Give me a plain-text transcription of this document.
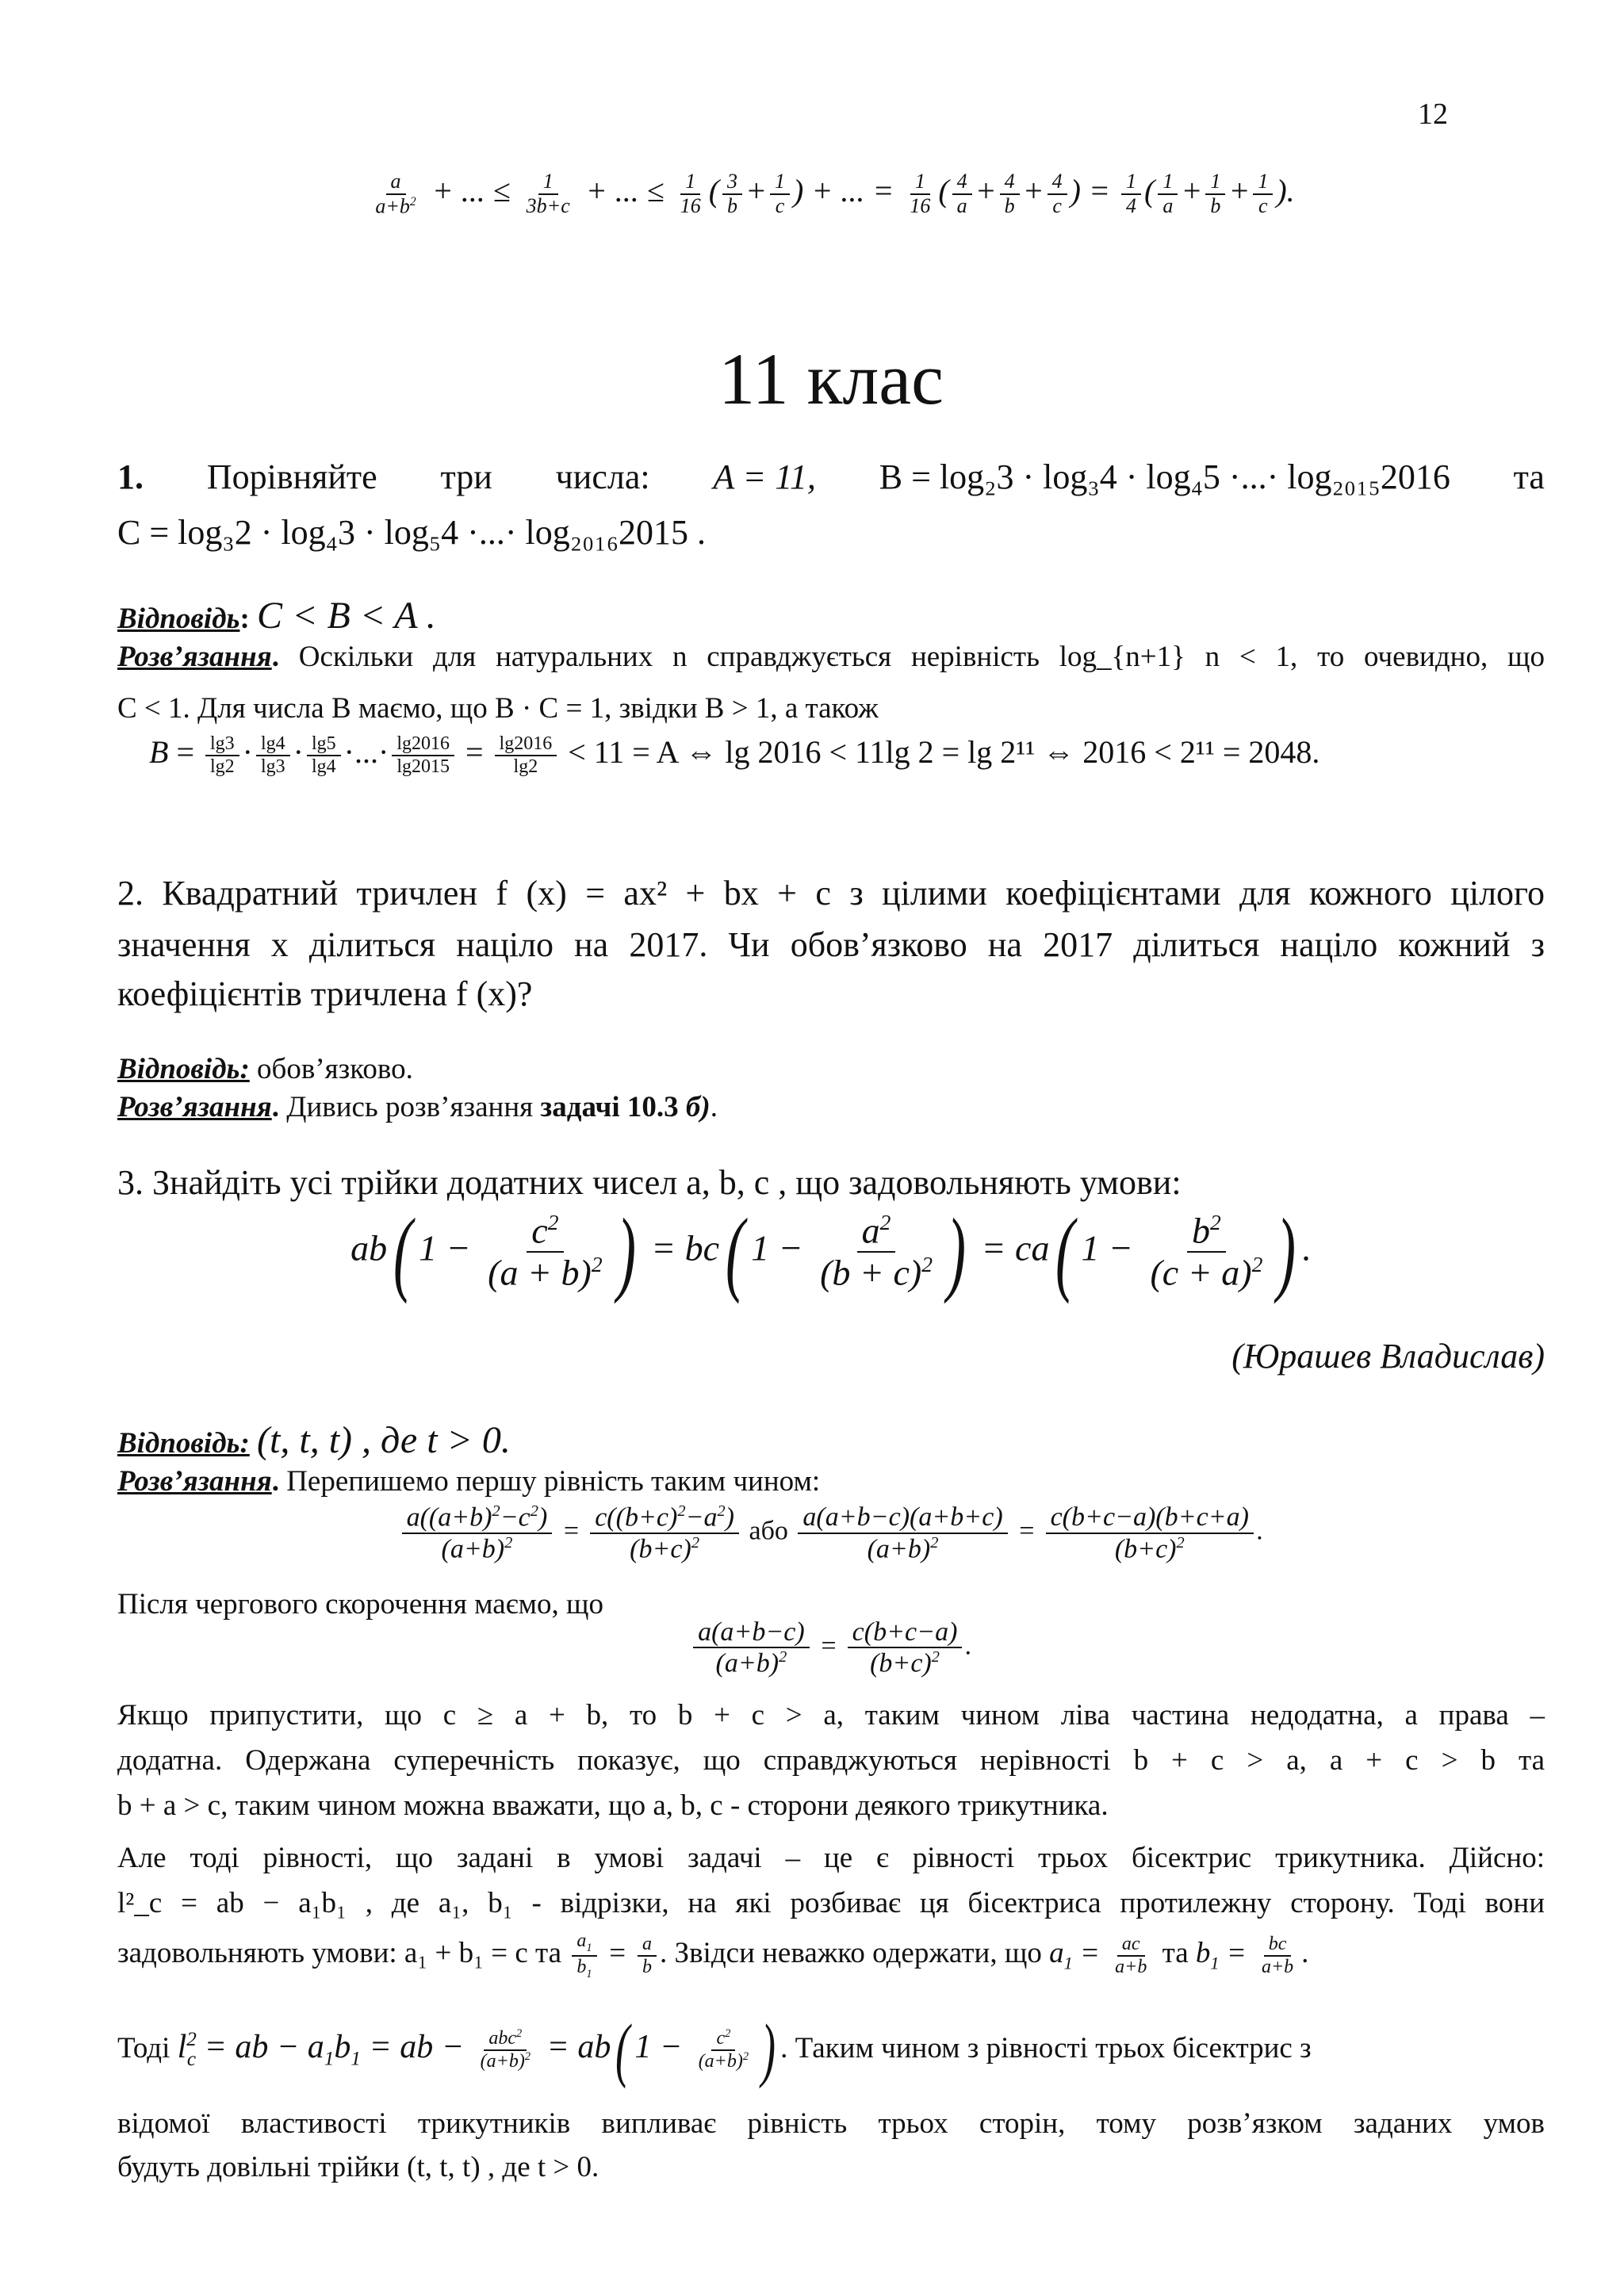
12
$\frac{a}{a+b^2}$ + ... ≤ $\frac{1}{3b+c}$ + ... ≤ $\frac{1}{16}$ ( $\frac{3}{b} + \frac{1}{c}$ ) + ... = $\frac{1}{16}$ ( $\frac{4}{a} + \frac{4}{b} + \frac{4}{c}$ ) = $\frac{1}{4}$ ( $\frac{1}{a} + \frac{1}{b} + \frac{1}{c}$ ).
11 клас
1. Порівняйте три числа: A = 11, B = log₂3 · log₃4 · log₄5 ·...· log₂₀₁₅2016 та
C = log₃2 · log₄3 · log₅4 ·...· log₂₀₁₆2015 .
Відповідь: C < B < A .
Розв’язання. Оскільки для натуральних n справджується нерівність log_{n+1} n < 1, то очевидно, що
C < 1. Для числа B маємо, що B · C = 1, звідки B > 1, а також
$B = \frac{\lg 3}{\lg 2} \cdot \frac{\lg 4}{\lg 3} \cdot \frac{\lg 5}{\lg 4}$ ·...· $\frac{\lg 2016}{\lg 2015} = \frac{\lg 2016}{\lg 2} < 11 = A$ ⇔ lg 2016 < 11lg 2 = lg 2¹¹ ⇔ 2016 < 2¹¹ = 2048.
2. Квадратний тричлен f (x) = ax² + bx + c з цілими коефіцієнтами для кожного цілого
значення x ділиться націло на 2017. Чи обов’язково на 2017 ділиться націло кожний з
коефіцієнтів тричлена f (x)?
Відповідь: обов’язково.
Розв’язання. Дивись розв’язання задачі 10.3 б).
3. Знайдіть усі трійки додатних чисел a, b, c , що задовольняють умови:
ab( $1 - \frac{c^2}{(a + b)^2}$ ) = bc( $1 - \frac{a^2}{(b + c)^2}$ ) = ca( $1 - \frac{b^2}{(c + a)^2}$ ) .
(Юрашев Владислав)
Відповідь: (t, t, t) , де t > 0.
Розв’язання. Перепишемо першу рівність таким чином:
$\frac{a((a+b)^2-c^2)}{(a+b)^2} = \frac{c((b+c)^2-a^2)}{(b+c)^2}$ або $\frac{a(a+b-c)(a+b+c)}{(a+b)^2} = \frac{c(b+c-a)(b+c+a)}{(b+c)^2}$ .
Після чергового скорочення маємо, що
$\frac{a(a+b-c)}{(a+b)^2} = \frac{c(b+c-a)}{(b+c)^2}$ .
Якщо припустити, що c ≥ a + b, то b + c > a, таким чином ліва частина недодатна, а права –
додатна. Одержана суперечність показує, що справджуються нерівності b + c > a, a + c > b та
b + a > c, таким чином можна вважати, що a, b, c - сторони деякого трикутника.
Але тоді рівності, що задані в умові задачі – це є рівності трьох бісектрис трикутника. Дійсно:
l²_c = ab − a₁b₁ , де a₁, b₁ - відрізки, на які розбиває ця бісектриса протилежну сторону. Тоді вони
задовольняють умови: a₁ + b₁ = c та $\frac{a_1}{b_1} = \frac{a}{b}$ . Звідси неважко одержати, що $a_1 = \frac{ac}{a+b}$ та $b_1 = \frac{bc}{a+b}$ .
Тоді $l^2_c$ = ab − $a_1b_1$ = ab − $\frac{abc^2}{(a+b)^2} = ab$( $1 - \frac{c^2}{(a+b)^2}$ ) . Таким чином з рівності трьох бісектрис з
відомої властивості трикутників випливає рівність трьох сторін, тому розв’язком заданих умов
будуть довільні трійки (t, t, t) , де t > 0.
